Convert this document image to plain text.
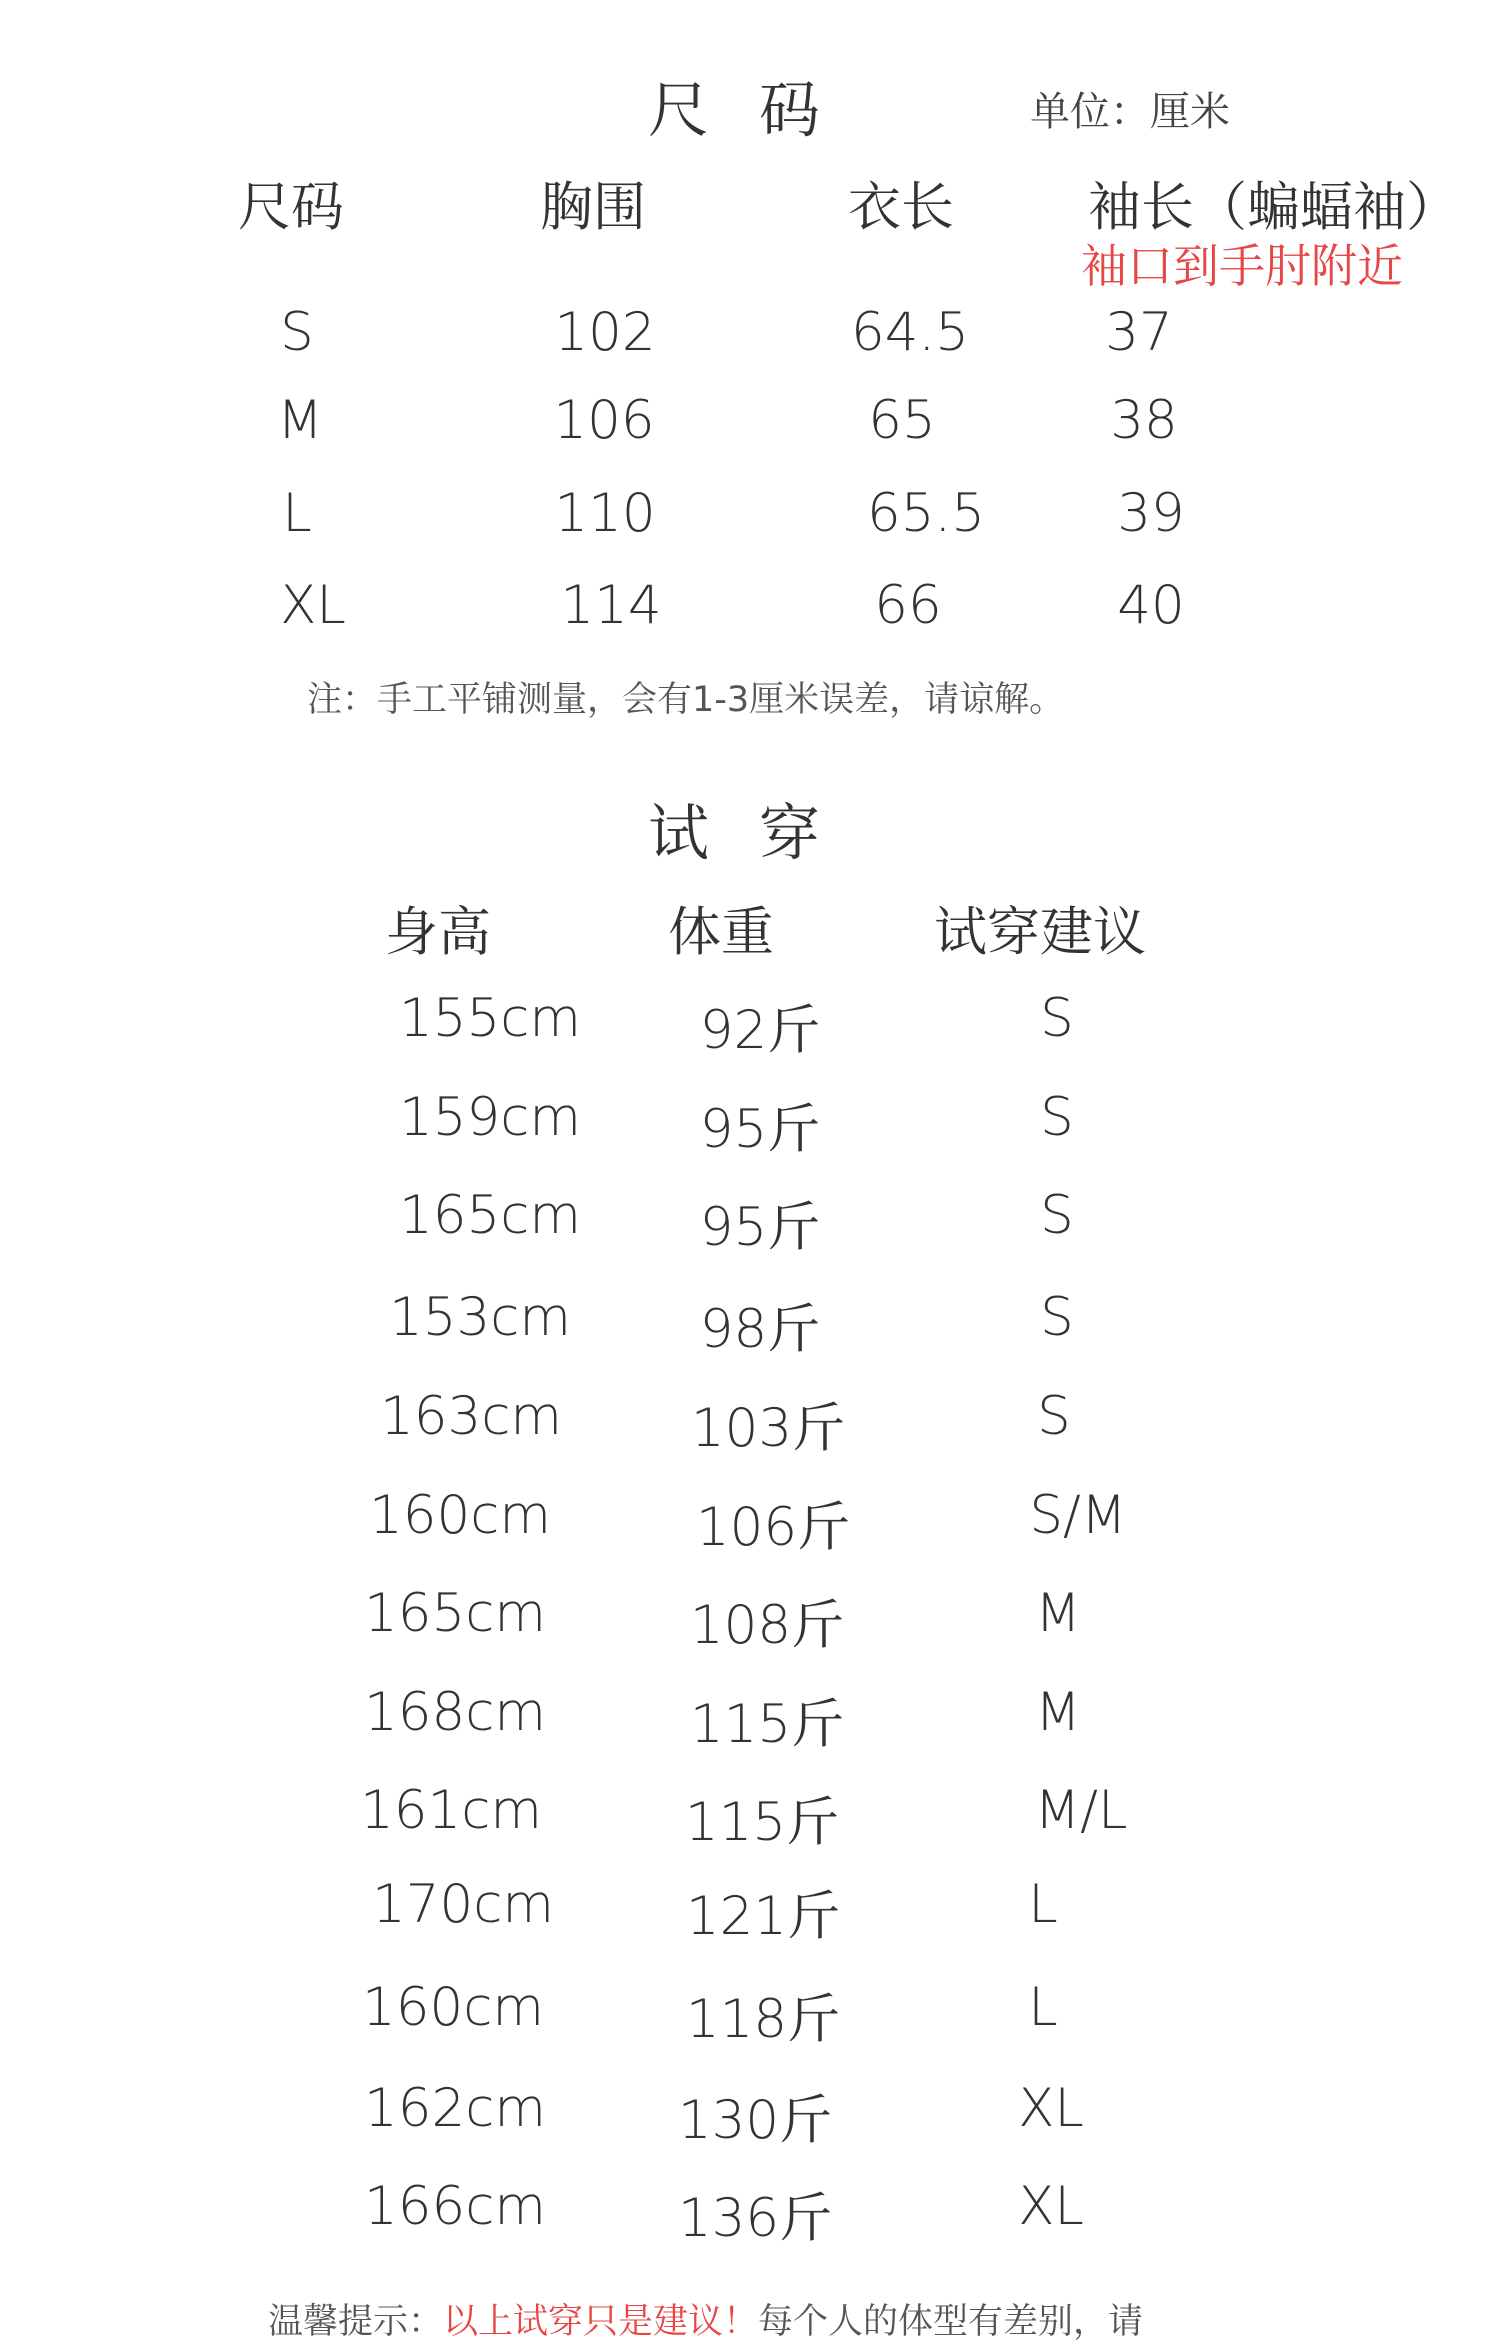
尺码	单位：厘米
尺码	胸围	衣长	袖长（蝙蝠袖）
袖口到手肘附近
S	102	64.5	37
M	106	65	38
L	110	65.5	39
XL	114	66	40
注：手工平铺测量，会有1-3厘米误差，请谅解。
试穿
身高	体重	试穿建议
155cm	92斤	S
159cm	95斤	S
165cm	95斤	S
153cm	98斤	S
163cm	103斤	S
160cm	106斤	S/M
165cm	108斤	M
168cm	115斤	M
161cm	115斤	M/L
170cm	121斤	L
160cm	118斤	L
162cm	130斤	XL
166cm	136斤	XL
温馨提示：以上试穿只是建议！每个人的体型有差别，请
